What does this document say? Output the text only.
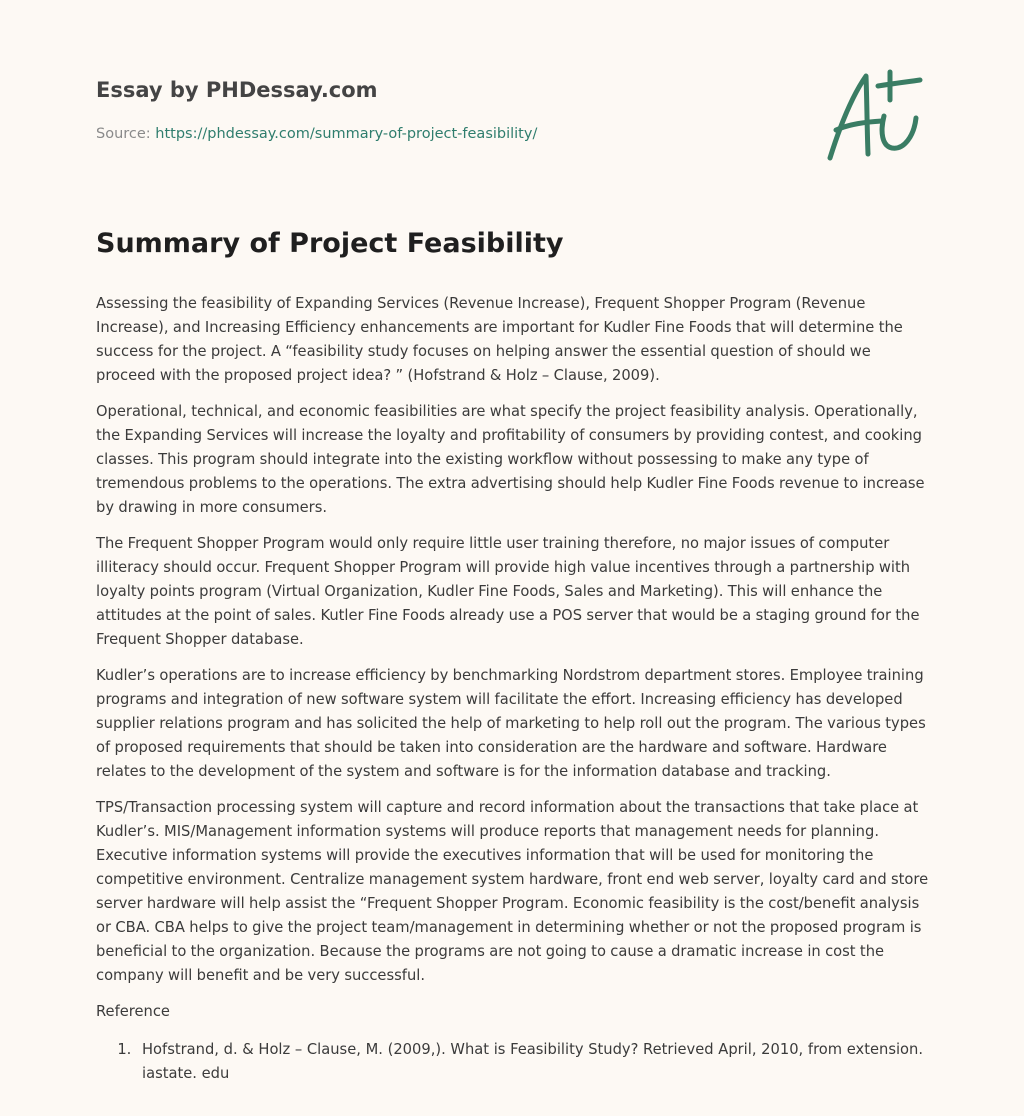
Essay by PHDessay.com
Source: https://phdessay.com/summary-of-project-feasibility/
Summary of Project Feasibility

Assessing the feasibility of Expanding Services (Revenue Increase), Frequent Shopper Program (Revenue Increase), and Increasing Efficiency enhancements are important for Kudler Fine Foods that will determine the success for the project. A “feasibility study focuses on helping answer the essential question of should we proceed with the proposed project idea? ” (Hofstrand & Holz – Clause, 2009).

Operational, technical, and economic feasibilities are what specify the project feasibility analysis. Operationally, the Expanding Services will increase the loyalty and profitability of consumers by providing contest, and cooking classes. This program should integrate into the existing workflow without possessing to make any type of tremendous problems to the operations. The extra advertising should help Kudler Fine Foods revenue to increase by drawing in more consumers.

The Frequent Shopper Program would only require little user training therefore, no major issues of computer illiteracy should occur. Frequent Shopper Program will provide high value incentives through a partnership with loyalty points program (Virtual Organization, Kudler Fine Foods, Sales and Marketing). This will enhance the attitudes at the point of sales. Kutler Fine Foods already use a POS server that would be a staging ground for the Frequent Shopper database.

Kudler’s operations are to increase efficiency by benchmarking Nordstrom department stores. Employee training programs and integration of new software system will facilitate the effort. Increasing efficiency has developed supplier relations program and has solicited the help of marketing to help roll out the program. The various types of proposed requirements that should be taken into consideration are the hardware and software. Hardware relates to the development of the system and software is for the information database and tracking.

TPS/Transaction processing system will capture and record information about the transactions that take place at Kudler’s. MIS/Management information systems will produce reports that management needs for planning. Executive information systems will provide the executives information that will be used for monitoring the competitive environment. Centralize management system hardware, front end web server, loyalty card and store server hardware will help assist the “Frequent Shopper Program. Economic feasibility is the cost/benefit analysis or CBA. CBA helps to give the project team/management in determining whether or not the proposed program is beneficial to the organization. Because the programs are not going to cause a dramatic increase in cost the company will benefit and be very successful.

Reference

1. Hofstrand, d. & Holz – Clause, M. (2009,). What is Feasibility Study? Retrieved April, 2010, from extension. iastate. edu
